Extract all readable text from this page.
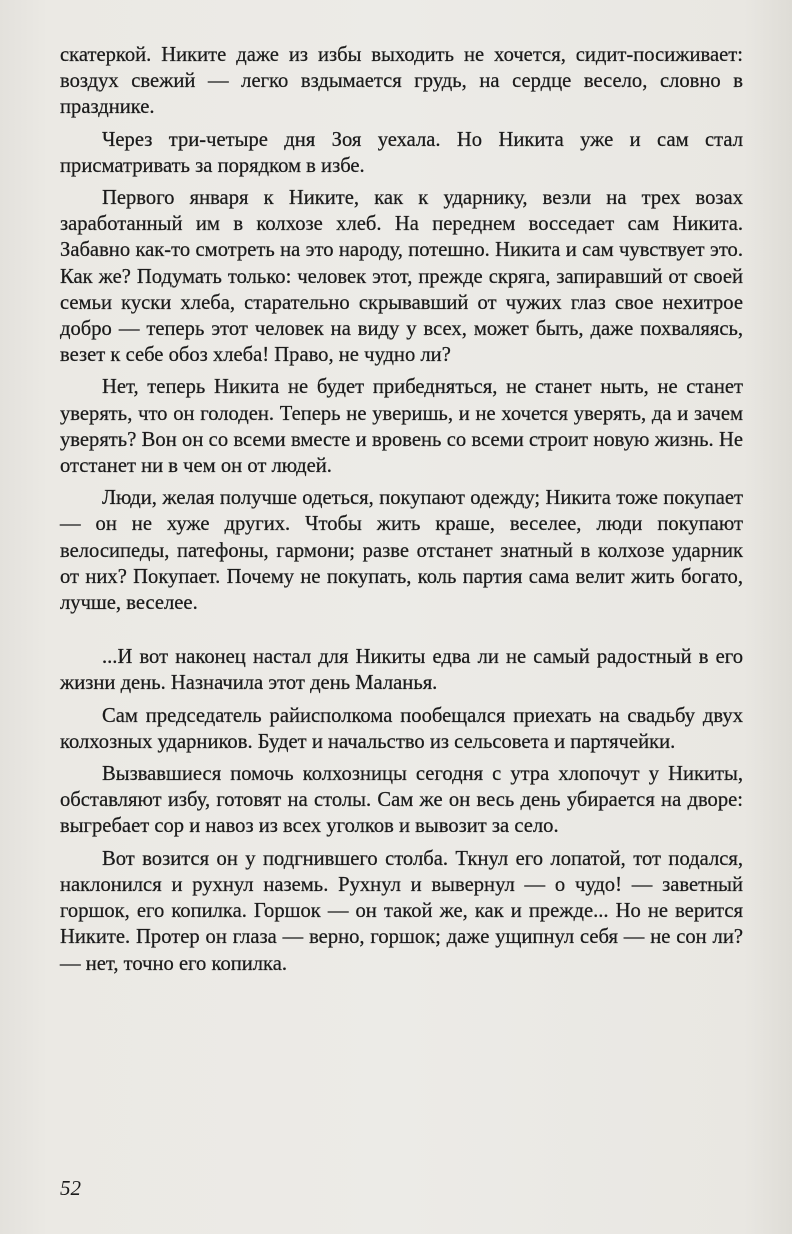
скатеркой. Никите даже из избы выходить не хочется, сидит-посиживает: воздух свежий — легко вздымается грудь, на сердце весело, словно в празднике.

Через три-четыре дня Зоя уехала. Но Никита уже и сам стал присматривать за порядком в избе.

Первого января к Никите, как к ударнику, везли на трех возах заработанный им в колхозе хлеб. На переднем восседает сам Никита. Забавно как-то смотреть на это народу, потешно. Никита и сам чувствует это. Как же? Подумать только: человек этот, прежде скряга, запиравший от своей семьи куски хлеба, старательно скрывавший от чужих глаз свое нехитрое добро — теперь этот человек на виду у всех, может быть, даже похваляясь, везет к себе обоз хлеба! Право, не чудно ли?

Нет, теперь Никита не будет прибедняться, не станет ныть, не станет уверять, что он голоден. Теперь не уверишь, и не хочется уверять, да и зачем уверять? Вон он со всеми вместе и вровень со всеми строит новую жизнь. Не отстанет ни в чем он от людей.

Люди, желая получше одеться, покупают одежду; Никита тоже покупает — он не хуже других. Чтобы жить краше, веселее, люди покупают велосипеды, патефоны, гармони; разве отстанет знатный в колхозе ударник от них? Покупает. Почему не покупать, коль партия сама велит жить богато, лучше, веселее.

...И вот наконец настал для Никиты едва ли не самый радостный в его жизни день. Назначила этот день Маланья.

Сам председатель райисполкома пообещался приехать на свадьбу двух колхозных ударников. Будет и начальство из сельсовета и партячейки.

Вызвавшиеся помочь колхозницы сегодня с утра хлопочут у Никиты, обставляют избу, готовят на столы. Сам же он весь день убирается на дворе: выгребает сор и навоз из всех уголков и вывозит за село.

Вот возится он у подгнившего столба. Ткнул его лопатой, тот подался, наклонился и рухнул наземь. Рухнул и вывернул — о чудо! — заветный горшок, его копилка. Горшок — он такой же, как и прежде... Но не верится Никите. Протер он глаза — верно, горшок; даже ущипнул себя — не сон ли? — нет, точно его копилка.

52
